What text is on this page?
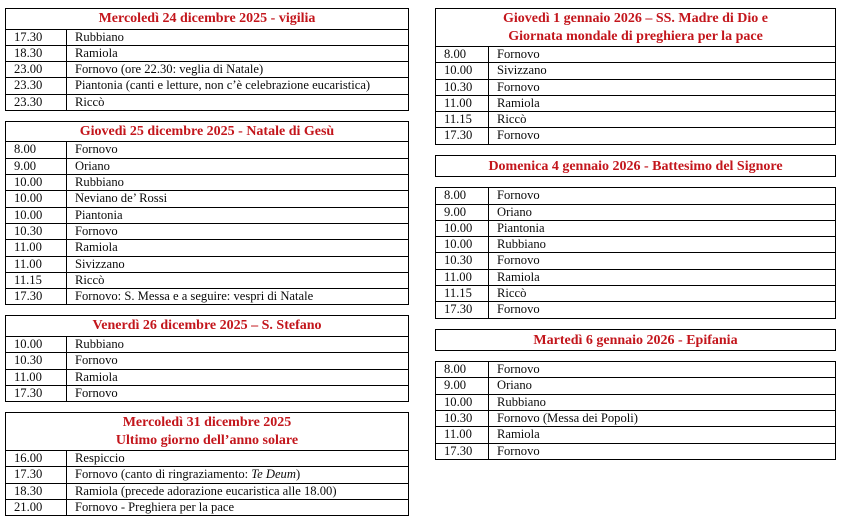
Mercoledì 24 dicembre 2025 - vigilia
17.30	Rubbiano
18.30	Ramiola
23.00	Fornovo (ore 22.30: veglia di Natale)
23.30	Piantonia (canti e letture, non c’è celebrazione eucaristica)
23.30	Riccò
Giovedì 25 dicembre 2025 - Natale di Gesù
8.00	Fornovo
9.00	Oriano
10.00	Rubbiano
10.00	Neviano de’ Rossi
10.00	Piantonia
10.30	Fornovo
11.00	Ramiola
11.00	Sivizzano
11.15	Riccò
17.30	Fornovo: S. Messa e a seguire: vespri di Natale
Venerdì 26 dicembre 2025 – S. Stefano
10.00	Rubbiano
10.30	Fornovo
11.00	Ramiola
17.30	Fornovo
Mercoledì 31 dicembre 2025
Ultimo giorno dell’anno solare
16.00	Respiccio
17.30	Fornovo (canto di ringraziamento: Te Deum)
18.30	Ramiola (precede adorazione eucaristica alle 18.00)
21.00	Fornovo - Preghiera per la pace
Giovedì 1 gennaio 2026 – SS. Madre di Dio e
Giornata mondale di preghiera per la pace
8.00	Fornovo
10.00	Sivizzano
10.30	Fornovo
11.00	Ramiola
11.15	Riccò
17.30	Fornovo
Domenica 4 gennaio 2026 - Battesimo del Signore
8.00	Fornovo
9.00	Oriano
10.00	Piantonia
10.00	Rubbiano
10.30	Fornovo
11.00	Ramiola
11.15	Riccò
17.30	Fornovo
Martedì 6 gennaio 2026 - Epifania
8.00	Fornovo
9.00	Oriano
10.00	Rubbiano
10.30	Fornovo (Messa dei Popoli)
11.00	Ramiola
17.30	Fornovo
